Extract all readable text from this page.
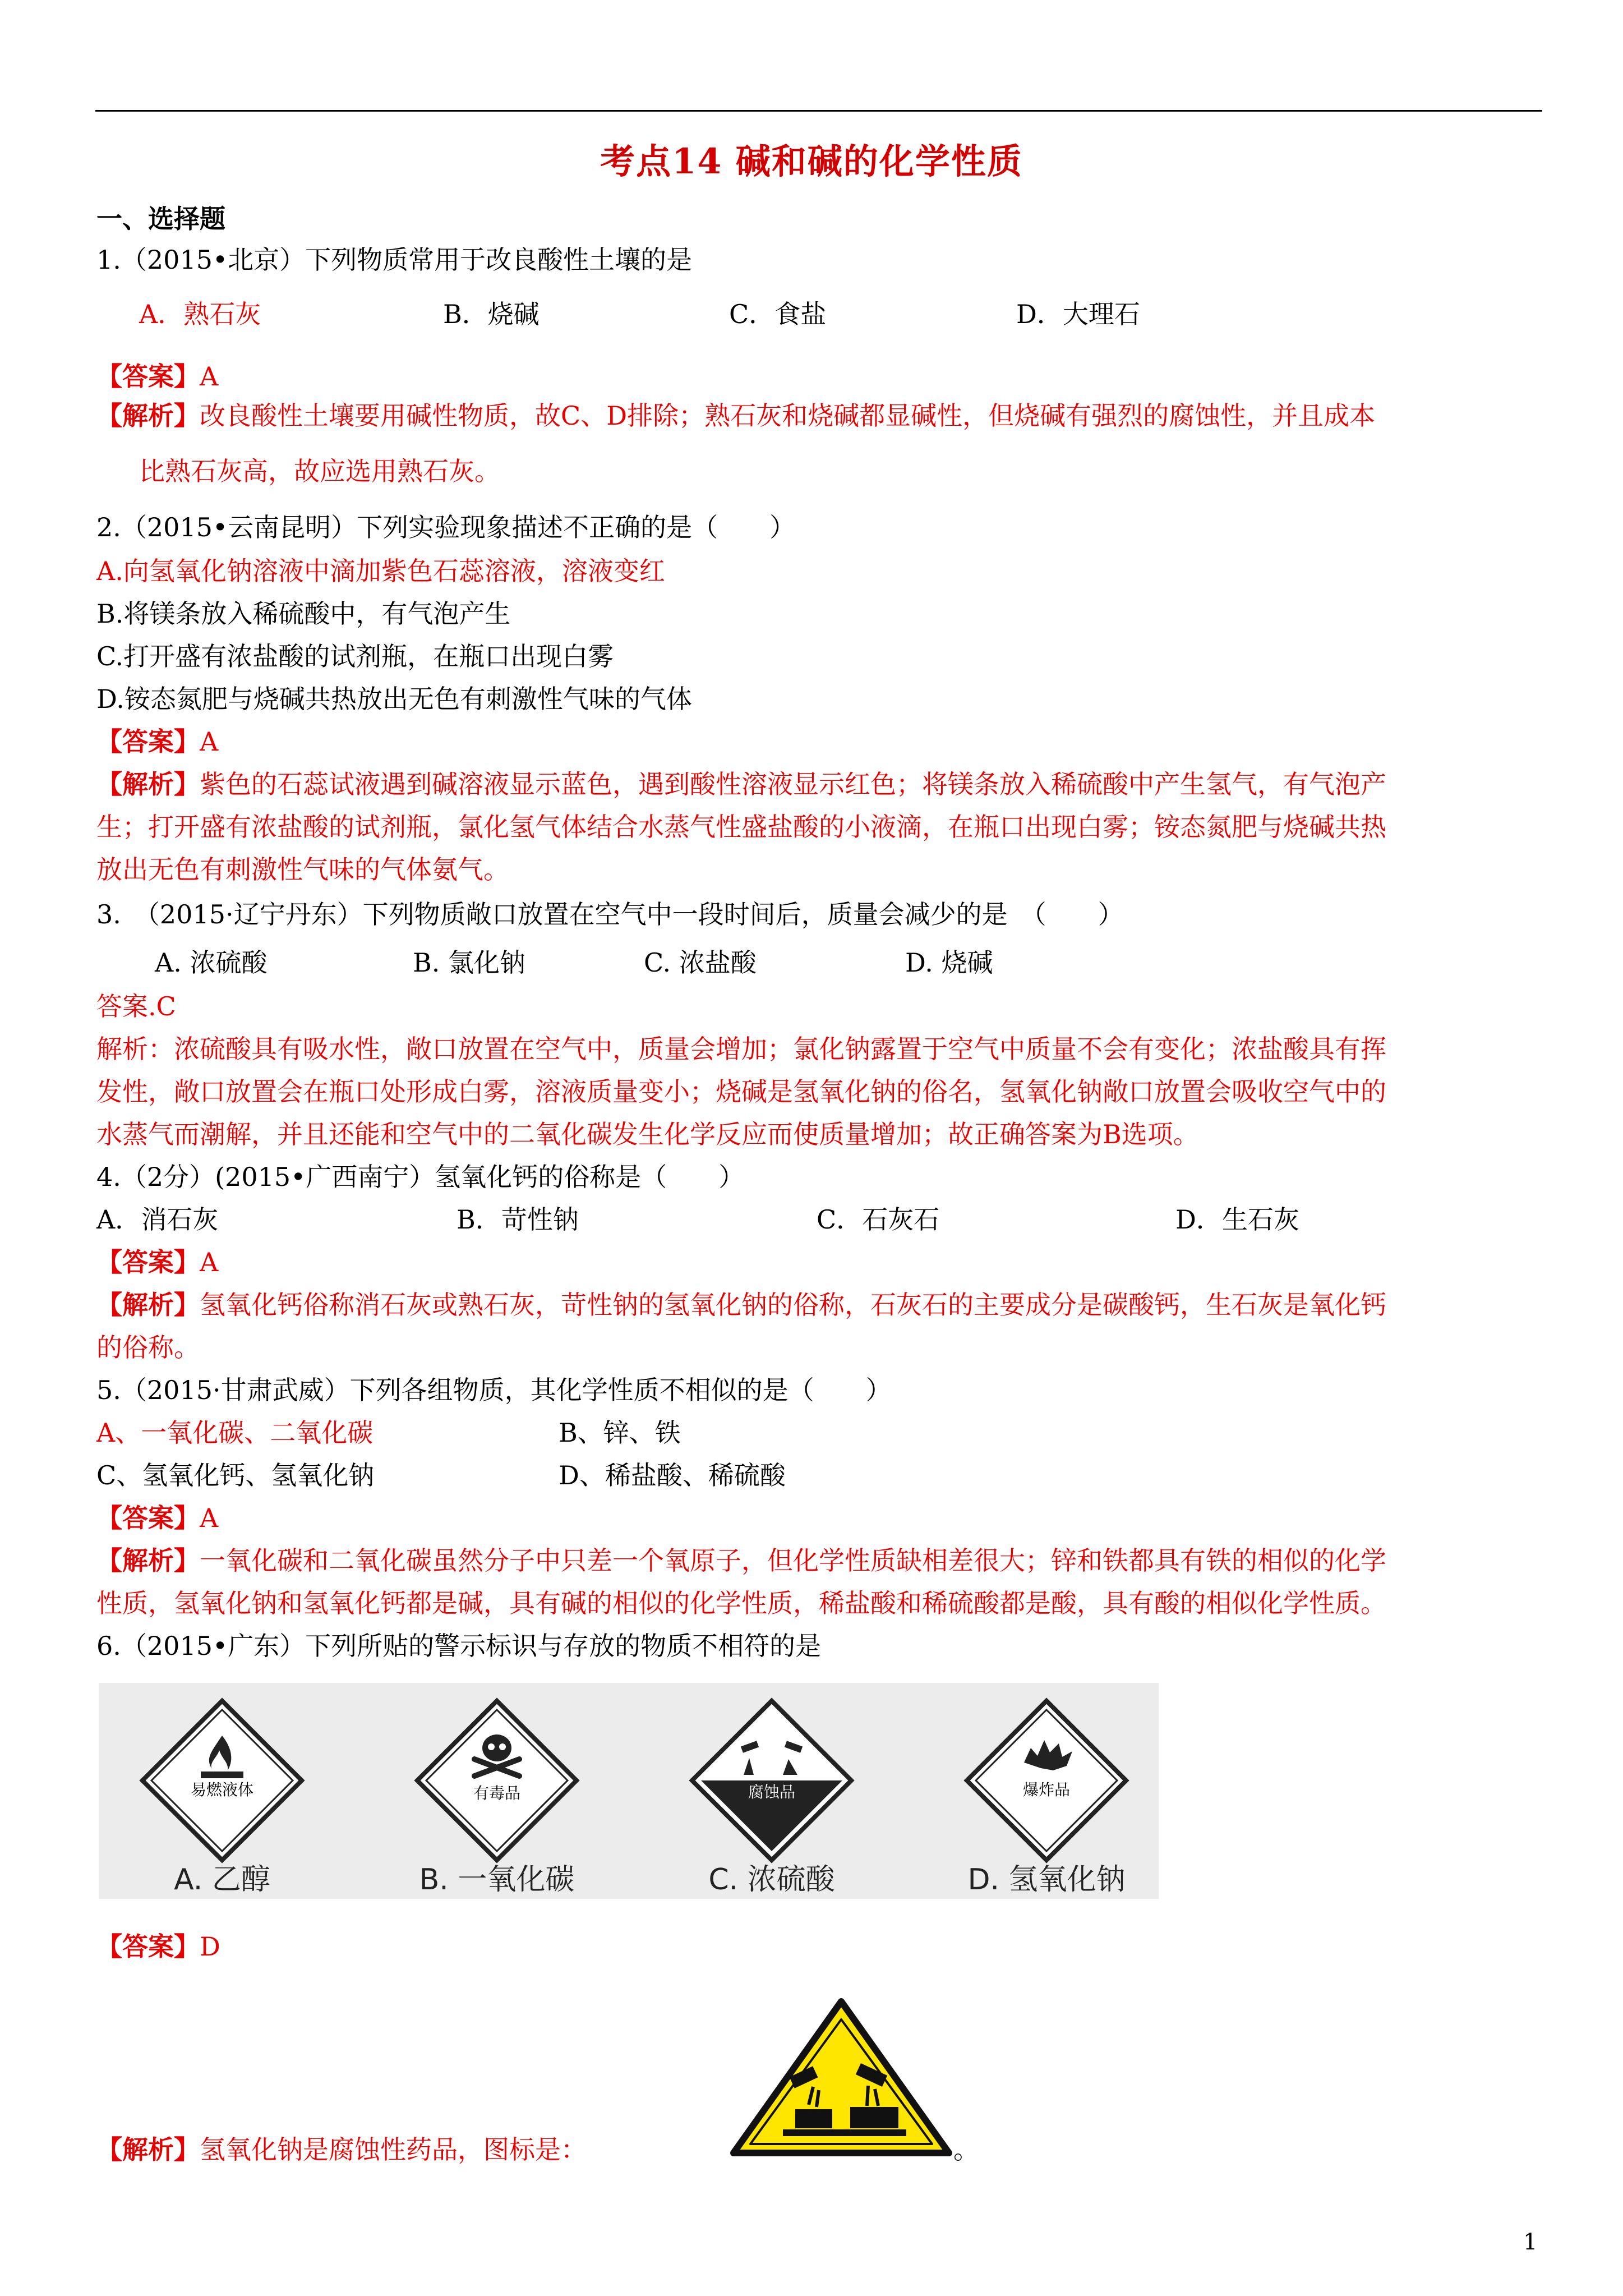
考点14 碱和碱的化学性质
一、选择题
1.（2015•北京）下列物质常用于改良酸性土壤的是
A．熟石灰	B．烧碱	C．食盐	D．大理石
【答案】A
【解析】改良酸性土壤要用碱性物质，故C、D排除；熟石灰和烧碱都显碱性，但烧碱有强烈的腐蚀性，并且成本
比熟石灰高，故应选用熟石灰。
2.（2015•云南昆明）下列实验现象描述不正确的是（　　）
A.向氢氧化钠溶液中滴加紫色石蕊溶液，溶液变红
B.将镁条放入稀硫酸中，有气泡产生
C.打开盛有浓盐酸的试剂瓶，在瓶口出现白雾
D.铵态氮肥与烧碱共热放出无色有刺激性气味的气体
【答案】A
【解析】紫色的石蕊试液遇到碱溶液显示蓝色，遇到酸性溶液显示红色；将镁条放入稀硫酸中产生氢气，有气泡产
生；打开盛有浓盐酸的试剂瓶，氯化氢气体结合水蒸气性盛盐酸的小液滴，在瓶口出现白雾；铵态氮肥与烧碱共热
放出无色有刺激性气味的气体氨气。
3.　（2015·辽宁丹东）下列物质敞口放置在空气中一段时间后，质量会减少的是　（　　）
A. 浓硫酸	B. 氯化钠	C. 浓盐酸	D. 烧碱
答案.C
解析：浓硫酸具有吸水性，敞口放置在空气中，质量会增加；氯化钠露置于空气中质量不会有变化；浓盐酸具有挥
发性，敞口放置会在瓶口处形成白雾，溶液质量变小；烧碱是氢氧化钠的俗名，氢氧化钠敞口放置会吸收空气中的
水蒸气而潮解，并且还能和空气中的二氧化碳发生化学反应而使质量增加；故正确答案为B选项。
4.（2分）(2015•广西南宁）氢氧化钙的俗称是（　　）
A．消石灰	B．苛性钠	C．石灰石	D．生石灰
【答案】A
【解析】氢氧化钙俗称消石灰或熟石灰，苛性钠的氢氧化钠的俗称，石灰石的主要成分是碳酸钙，生石灰是氧化钙
的俗称。
5.（2015·甘肃武威）下列各组物质，其化学性质不相似的是（　　）
A、一氧化碳、二氧化碳	B、锌、铁
C、氢氧化钙、氢氧化钠	D、稀盐酸、稀硫酸
【答案】A
【解析】一氧化碳和二氧化碳虽然分子中只差一个氧原子，但化学性质缺相差很大；锌和铁都具有铁的相似的化学
性质，氢氧化钠和氢氧化钙都是碱，具有碱的相似的化学性质，稀盐酸和稀硫酸都是酸，具有酸的相似化学性质。
6.（2015•广东）下列所贴的警示标识与存放的物质不相符的是
易燃液体
A. 乙醇
有毒品
B. 一氧化碳
腐蚀品
C. 浓硫酸
爆炸品
D. 氢氧化钠
【答案】D
【解析】氢氧化钠是腐蚀性药品，图标是：	。
1
